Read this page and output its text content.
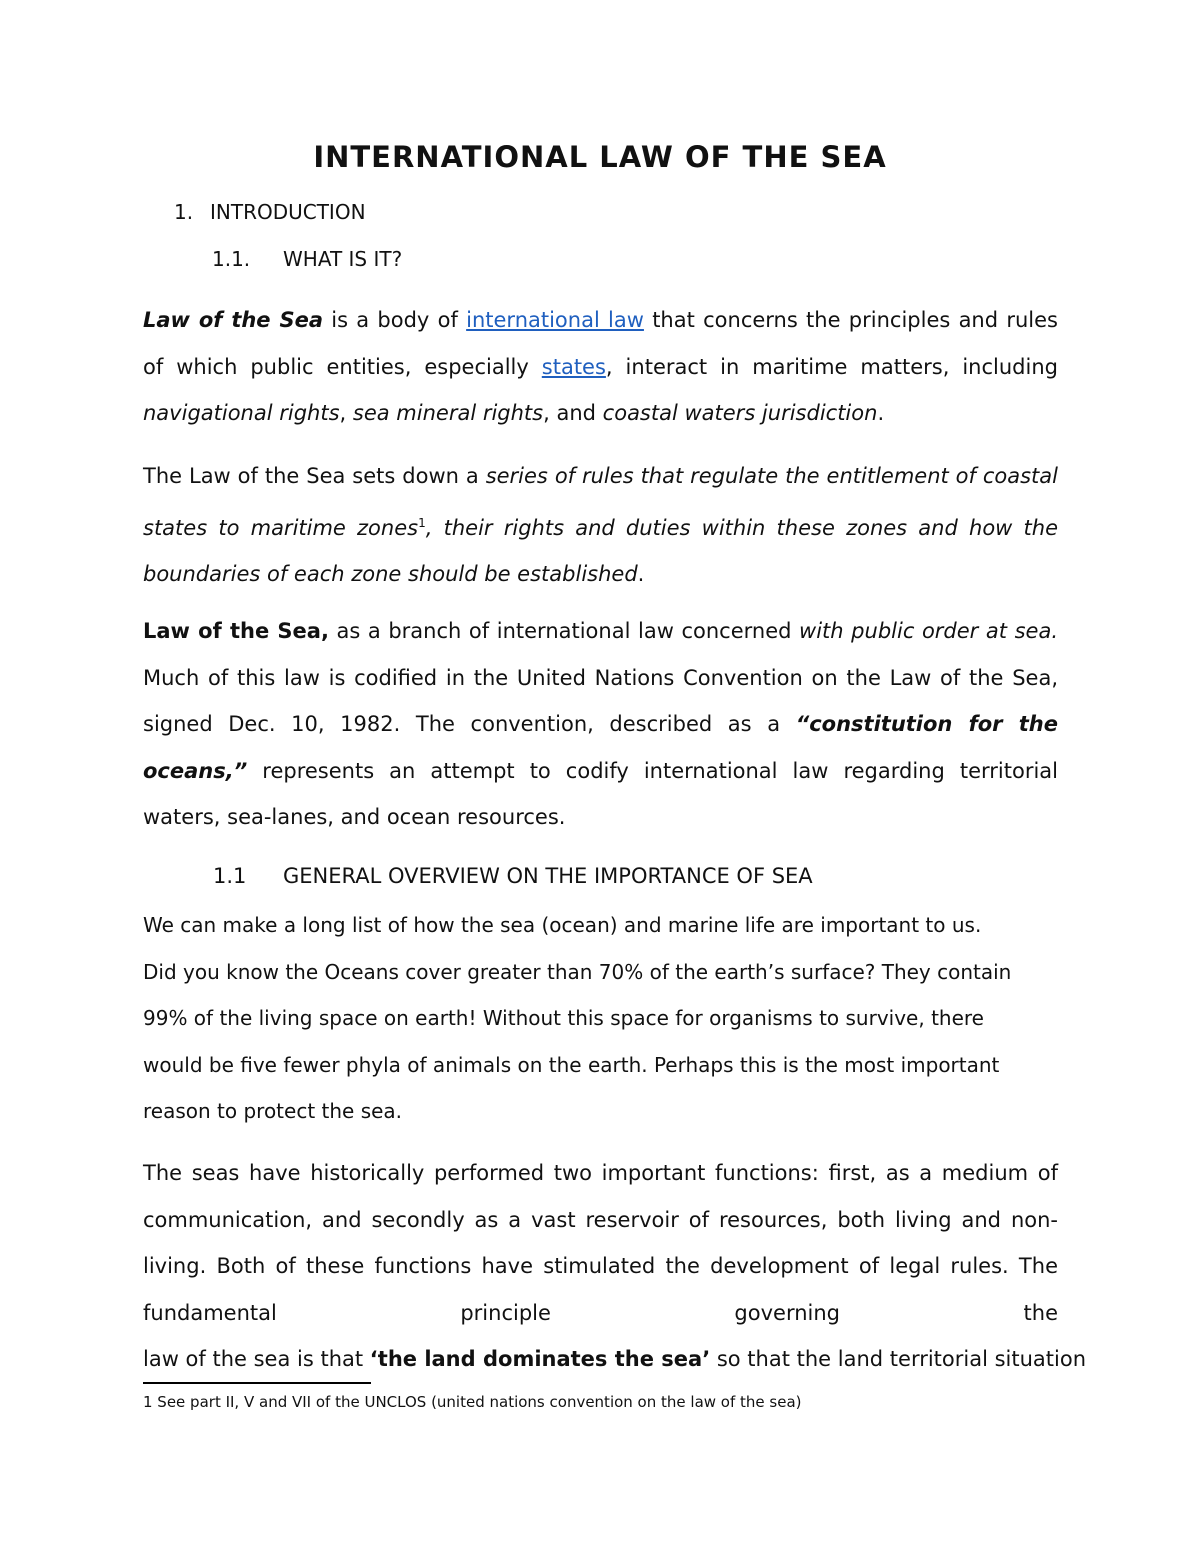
INTERNATIONAL LAW OF THE SEA
1. INTRODUCTION
1.1. WHAT IS IT?

Law of the Sea is a body of international law that concerns the principles and rules of which public entities, especially states, interact in maritime matters, including navigational rights, sea mineral rights, and coastal waters jurisdiction.

The Law of the Sea sets down a series of rules that regulate the entitlement of coastal states to maritime zones$^1$, their rights and duties within these zones and how the boundaries of each zone should be established.

Law of the Sea, as a branch of international law concerned with public order at sea. Much of this law is codified in the United Nations Convention on the Law of the Sea, signed Dec. 10, 1982. The convention, described as a “constitution for the oceans,” represents an attempt to codify international law regarding territorial waters, sea-lanes, and ocean resources.

1.1 GENERAL OVERVIEW ON THE IMPORTANCE OF SEA
We can make a long list of how the sea (ocean) and marine life are important to us.
Did you know the Oceans cover greater than 70% of the earth’s surface? They contain
99% of the living space on earth! Without this space for organisms to survive, there
would be five fewer phyla of animals on the earth. Perhaps this is the most important
reason to protect the sea.
The seas have historically performed two important functions: first, as a medium of communication, and secondly as a vast reservoir of resources, both living and non-living. Both of these functions have stimulated the development of legal rules. The fundamental principle governing the
law of the sea is that ‘the land dominates the sea’ so that the land territorial situation
1 See part II, V and VII of the UNCLOS (united nations convention on the law of the sea)
